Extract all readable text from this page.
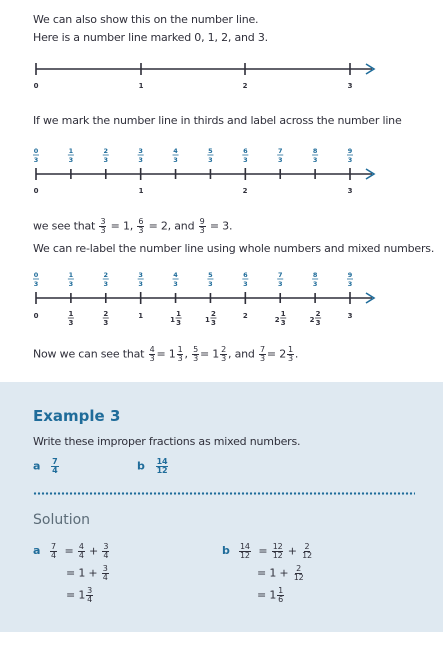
We can also show this on the number line.
Here is a number line marked 0, 1, 2, and 3.
0	1	2	3
0	1	2	3
0
3
1
3
2
3
3
3
4
3
5
3
6
3
7
3
8
3
9
3
0
3
1
3
2
3
3
3
4
3
5
3
6
3
7
3
8
3
9
3
0	1
3
2
3
1	1
1
3	1
2
3
2	2
1
3	2
2
3
3
If we mark the number line in thirds and label across the number line
we see that $\frac{3}{3} = 1$, $\frac{6}{3} = 2$, and $\frac{9}{3} = 3$.
We can re-label the number line using whole numbers and mixed numbers.
Now we can see that $\frac{4}{3} = 1 \frac{1}{3}$ , $\frac{5}{3} = 1 \frac{2}{3}$ , and $\frac{7}{3} = 2 \frac{1}{3}$ .
Example 3
Write these improper fractions as mixed numbers.
a $\frac{7}{4}$	b $\frac{14}{12}$
Solution
a $\frac{7}{4} = \frac{4}{4} + \frac{3}{4}$
= $1 + \frac{3}{4}$
= $1 \frac{3}{4}$
b $\frac{14}{12} = \frac{12}{12} + \frac{2}{12}$
= $1 + \frac{2}{12}$
= $1 \frac{1}{6}$
